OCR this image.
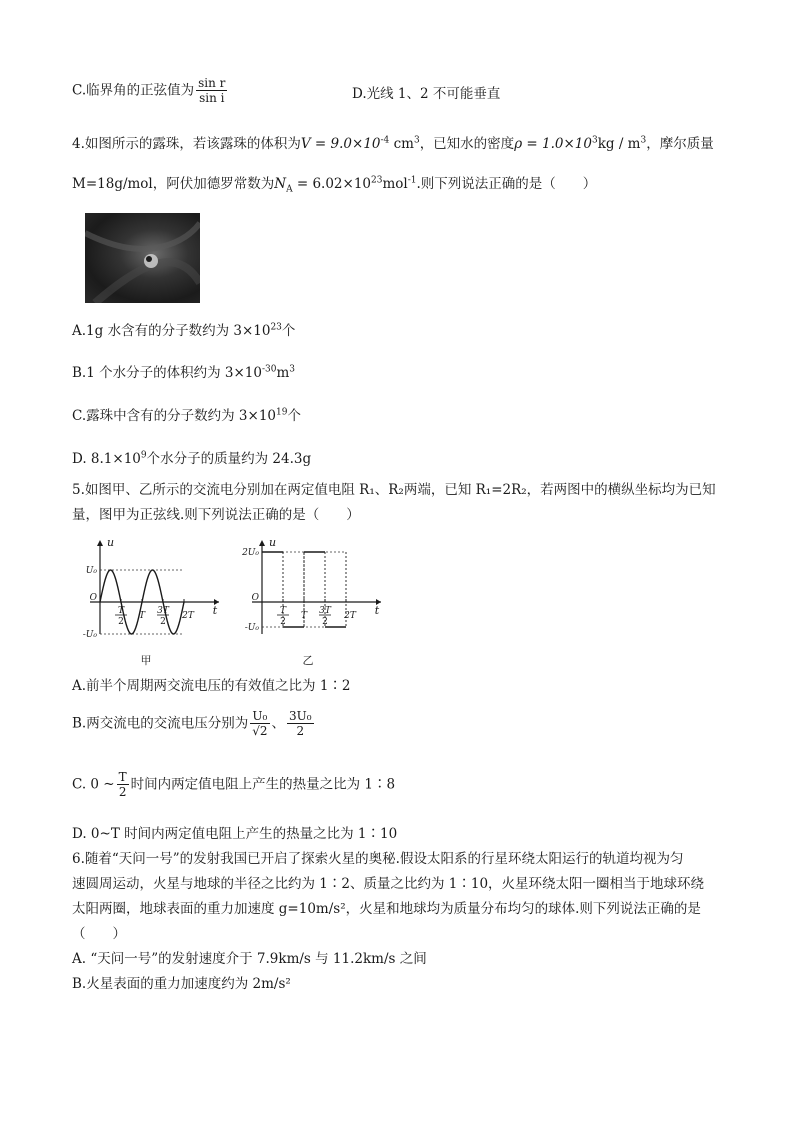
C.临界角的正弦值为 $\frac{\text{sin r}}{\text{sin i}}$	D.光线 1、2 不可能垂直
4.如图所示的露珠，若该露珠的体积为$V = 9.0\times 10^{-4}$ $cm^3$，已知水的密度$\rho = 1.0\times 10^3kg / m^3$，摩尔质量
M=18g/mol，阿伏加德罗常数为$N_A = 6.02\times 10^{23}mol^{-1}$.则下列说法正确的是（　　）
A.1g 水含有的分子数约为 $3\times 10^{23}$个
B.1 个水分子的体积约为 $3\times 10^{-30}m^3$
C.露珠中含有的分子数约为 $3\times 10^{19}$个
D. $8.1\times 10^9$个水分子的质量约为 24.3g
5.如图甲、乙所示的交流电分别加在两定值电阻 R₁、R₂两端，已知 R₁=2R₂，若两图中的横纵坐标均为已知
量，图甲为正弦线.则下列说法正确的是（　　）
u
t
甲
U₀
O
-U₀
T
2
T 3T
2
2T
u
t
乙
2U₀
O
-U₀
T
2
T 3T
2
2T
A.前半个周期两交流电压的有效值之比为 1∶2
B.两交流电的交流电压分别为 $\frac{\text{U₀}}{√2}$ 、 $\frac{\text{3U₀}}{2}$
C. 0 ~ $\frac{T}{2}$ 时间内两定值电阻上产生的热量之比为 1∶8
D. 0~T 时间内两定值电阻上产生的热量之比为 1∶10
6.随着“天问一号”的发射我国已开启了探索火星的奥秘.假设太阳系的行星环绕太阳运行的轨道均视为匀
速圆周运动，火星与地球的半径之比约为 1∶2、质量之比约为 1∶10，火星环绕太阳一圈相当于地球环绕
太阳两圈，地球表面的重力加速度 g=10m/s²，火星和地球均为质量分布均匀的球体.则下列说法正确的是
（　　）
A. “天问一号”的发射速度介于 7.9km/s 与 11.2km/s 之间
B.火星表面的重力加速度约为 2m/s²
